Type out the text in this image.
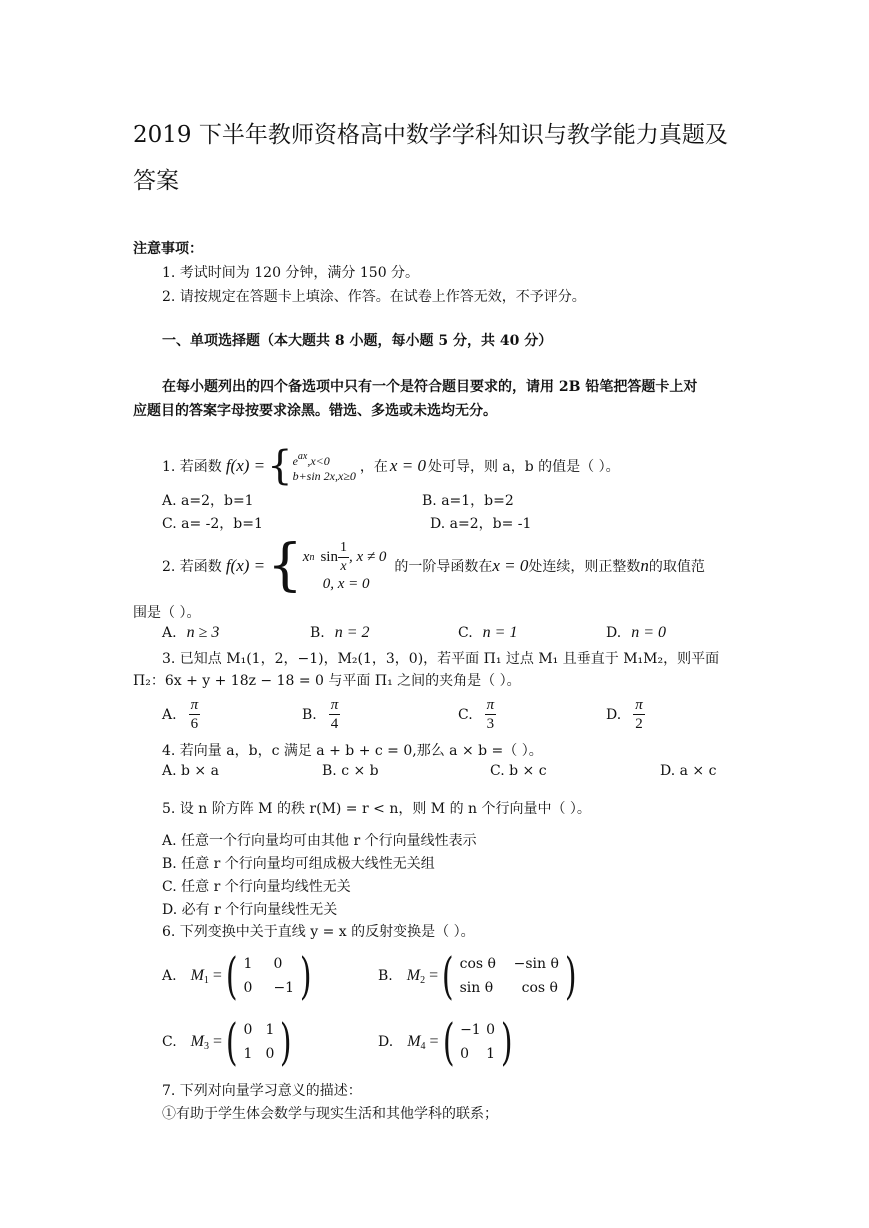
2019 下半年教师资格高中数学学科知识与教学能力真题及
答案
注意事项：
1. 考试时间为 120 分钟，满分 150 分。
2. 请按规定在答题卡上填涂、作答。在试卷上作答无效，不予评分。
一、单项选择题（本大题共 8 小题，每小题 5 分，共 40 分）
在每小题列出的四个备选项中只有一个是符合题目要求的，请用 2B 铅笔把答题卡上对
应题目的答案字母按要求涂黑。错选、多选或未选均无分。
1. 若函数 f(x) = { $e^{ax},x<0$
b+sin 2x,x≥0
，在 x = 0 处可导，则 a，b 的值是（ ）。
A. a=2，b=1	B. a=1，b=2
C. a= -2，b=1	D. a=2，b= -1
2. 若函数 f(x) = { x n $\sin \frac{1}{x}$ , x ≠ 0
0, x = 0
的一阶导函数在 x = 0 处连续，则正整数 n 的取值范
围是（ ）。
A. n ≥ 3	B. n = 2	C. n = 1	D. n = 0
3. 已知点 M₁(1，2，−1)，M₂(1，3，0)，若平面 Π₁ 过点 M₁ 且垂直于 M₁M₂，则平面
Π₂：6x + y + 18z − 18 = 0 与平面 Π₁ 之间的夹角是（ ）。
A. $\frac{\pi}{6}$	B. $\frac{\pi}{4}$	C. $\frac{\pi}{3}$	D. $\frac{\pi}{2}$
4. 若向量 a，b，c 满足 a + b + c = 0,那么 a × b =（ ）。
A. b × a	B. c × b	C. b × c	D. a × c
5. 设 n 阶方阵 M 的秩 r(M) = r < n，则 M 的 n 个行向量中（ ）。
A. 任意一个行向量均可由其他 r 个行向量线性表示
B. 任意 r 个行向量均可组成极大线性无关组
C. 任意 r 个行向量均线性无关
D. 必有 r 个行向量线性无关
6. 下列变换中关于直线 y = x 的反射变换是（ ）。
A. $M_1$ = ( 1 0
0 −1 )	B. $M_2$ = ( cos θ −sin θ
sin θ cos θ )
C. $M_3$ = ( 0 1
1 0 )	D. $M_4$ = ( −1 0
0 1 )
7. 下列对向量学习意义的描述：
①有助于学生体会数学与现实生活和其他学科的联系；
